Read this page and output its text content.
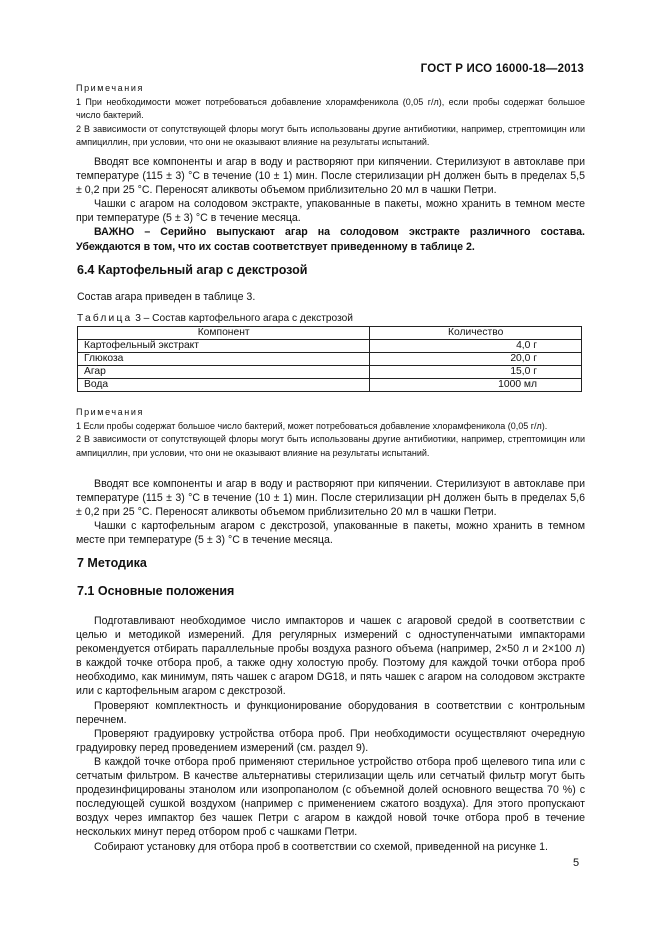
ГОСТ Р ИСО 16000-18—2013

Примечания

1 При необходимости может потребоваться добавление хлорамфеникола (0,05 г/л), если пробы содержат большое число бактерий.

2 В зависимости от сопутствующей флоры могут быть использованы другие антибиотики, например, стрептомицин или ампициллин, при условии, что они не оказывают влияние на результаты испытаний.

Вводят все компоненты и агар в воду и растворяют при кипячении. Стерилизуют в автоклаве при температуре (115 ± 3) °С в течение (10 ± 1) мин. После стерилизации pH должен быть в пределах 5,5 ± 0,2 при 25 °С. Переносят аликвоты объемом приблизительно 20 мл в чашки Петри.

Чашки с агаром на солодовом экстракте, упакованные в пакеты, можно хранить в темном месте при температуре (5 ± 3) °С в течение месяца.

ВАЖНО – Серийно выпускают агар на солодовом экстракте различного состава. Убеждаются в том, что их состав соответствует приведенному в таблице 2.

6.4 Картофельный агар с декстрозой
Состав агара приведен в таблице 3.
Таблица 3 – Состав картофельного агара с декстрозой
Компонент	Количество
Картофельный экстракт	4,0 г
Глюкоза	20,0 г
Агар	15,0 г
Вода	1000 мл

Примечания

1 Если пробы содержат большое число бактерий, может потребоваться добавление хлорамфеникола (0,05 г/л).

2 В зависимости от сопутствующей флоры могут быть использованы другие антибиотики, например, стрептомицин или ампициллин, при условии, что они не оказывают влияние на результаты испытаний.

Вводят все компоненты и агар в воду и растворяют при кипячении. Стерилизуют в автоклаве при температуре (115 ± 3) °С в течение (10 ± 1) мин. После стерилизации pH должен быть в пределах 5,6 ± 0,2 при 25 °С. Переносят аликвоты объемом приблизительно 20 мл в чашки Петри.

Чашки с картофельным агаром с декстрозой, упакованные в пакеты, можно хранить в темном месте при температуре (5 ± 3) °С в течение месяца.

7 Методика
7.1 Основные положения

Подготавливают необходимое число импакторов и чашек с агаровой средой в соответствии с целью и методикой измерений. Для регулярных измерений с одноступенчатыми импакторами рекомендуется отбирать параллельные пробы воздуха разного объема (например, 2×50 л и 2×100 л) в каждой точке отбора проб, а также одну холостую пробу. Поэтому для каждой точки отбора проб необходимо, как минимум, пять чашек с агаром DG18, и пять чашек с агаром на солодовом экстракте или с картофельным агаром с декстрозой.

Проверяют комплектность и функционирование оборудования в соответствии с контрольным перечнем.

Проверяют градуировку устройства отбора проб. При необходимости осуществляют очередную градуировку перед проведением измерений (см. раздел 9).

В каждой точке отбора проб применяют стерильное устройство отбора проб щелевого типа или с сетчатым фильтром. В качестве альтернативы стерилизации щель или сетчатый фильтр могут быть продезинфицированы этанолом или изопропанолом (с объемной долей основного вещества 70 %) с последующей сушкой воздухом (например с применением сжатого воздуха). Для этого пропускают воздух через импактор без чашек Петри с агаром в каждой новой точке отбора проб в течение нескольких минут перед отбором проб с чашками Петри.

Собирают установку для отбора проб в соответствии со схемой, приведенной на рисунке 1.

5
